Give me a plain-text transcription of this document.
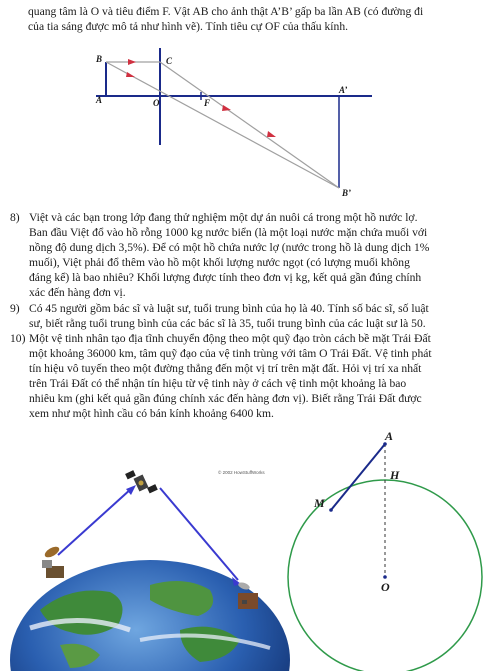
quang tâm là O và tiêu điểm F. Vật AB cho ảnh thật A’B’ gấp ba lần AB (có đường đi
của tia sáng được mô tả như hình vẽ). Tính tiêu cự OF của thấu kính.
B	C
A	O	F
A’
B’
8) Việt và các bạn trong lớp đang thử nghiệm một dự án nuôi cá trong một hồ nước lợ.
Ban đầu Việt đổ vào hồ rỗng 1000 kg nước biển (là một loại nước mặn chứa muối với
nồng độ dung dịch 3,5%). Để có một hồ chứa nước lợ (nước trong hồ là dung dịch 1%
muối), Việt phải đổ thêm vào hồ một khối lượng nước ngọt (có lượng muối không
đáng kể) là bao nhiêu? Khối lượng được tính theo đơn vị kg, kết quả gần đúng chính
xác đến hàng đơn vị.
9) Có 45 người gồm bác sĩ và luật sư, tuổi trung bình của họ là 40. Tính số bác sĩ, số luật
sư, biết rằng tuổi trung bình của các bác sĩ là 35, tuổi trung bình của các luật sư là 50.
10) Một vệ tinh nhân tạo địa tĩnh chuyển động theo một quỹ đạo tròn cách bề mặt Trái Đất
một khoảng 36000 km, tâm quỹ đạo của vệ tinh trùng với tâm O Trái Đất. Vệ tinh phát
tín hiệu vô tuyến theo một đường thẳng đến một vị trí trên mặt đất. Hỏi vị trí xa nhất
trên Trái Đất có thể nhận tín hiệu từ vệ tinh này ở cách vệ tinh một khoảng là bao
nhiêu km (ghi kết quả gần đúng chính xác đến hàng đơn vị). Biết rằng Trái Đất được
xem như một hình cầu có bán kính khoảng 6400 km.
© 2002 HowStuffWorks
A
H
M
O
